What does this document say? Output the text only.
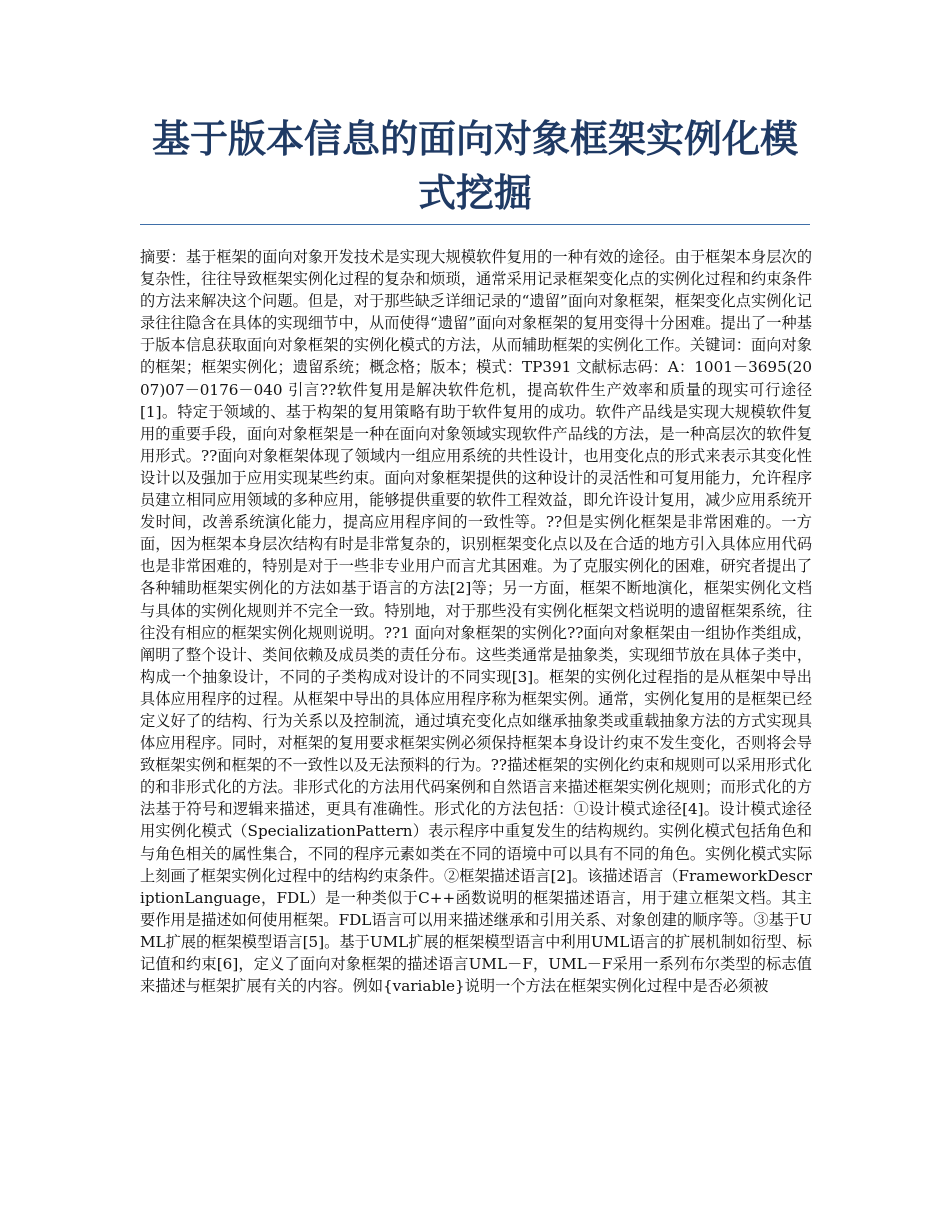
基于版本信息的面向对象框架实例化模式挖掘

摘要：基于框架的面向对象开发技术是实现大规模软件复用的一种有效的途径。由于框架本身层次的复杂性，往往导致框架实例化过程的复杂和烦琐，通常采用记录框架变化点的实例化过程和约束条件的方法来解决这个问题。但是，对于那些缺乏详细记录的“遗留”面向对象框架，框架变化点实例化记录往往隐含在具体的实现细节中，从而使得“遗留”面向对象框架的复用变得十分困难。提出了一种基于版本信息获取面向对象框架的实例化模式的方法，从而辅助框架的实例化工作。关键词：面向对象的框架；框架实例化；遗留系统；概念格；版本；模式：TP391 文献标志码：A：1001－3695(2007)07－0176－040 引言??软件复用是解决软件危机，提高软件生产效率和质量的现实可行途径[1]。特定于领域的、基于构架的复用策略有助于软件复用的成功。软件产品线是实现大规模软件复用的重要手段，面向对象框架是一种在面向对象领域实现软件产品线的方法，是一种高层次的软件复用形式。??面向对象框架体现了领域内一组应用系统的共性设计，也用变化点的形式来表示其变化性设计以及强加于应用实现某些约束。面向对象框架提供的这种设计的灵活性和可复用能力，允许程序员建立相同应用领域的多种应用，能够提供重要的软件工程效益，即允许设计复用，减少应用系统开发时间，改善系统演化能力，提高应用程序间的一致性等。??但是实例化框架是非常困难的。一方面，因为框架本身层次结构有时是非常复杂的，识别框架变化点以及在合适的地方引入具体应用代码也是非常困难的，特别是对于一些非专业用户而言尤其困难。为了克服实例化的困难，研究者提出了各种辅助框架实例化的方法如基于语言的方法[2]等；另一方面，框架不断地演化，框架实例化文档与具体的实例化规则并不完全一致。特别地，对于那些没有实例化框架文档说明的遗留框架系统，往往没有相应的框架实例化规则说明。??1 面向对象框架的实例化??面向对象框架由一组协作类组成，阐明了整个设计、类间依赖及成员类的责任分布。这些类通常是抽象类，实现细节放在具体子类中，构成一个抽象设计，不同的子类构成对设计的不同实现[3]。框架的实例化过程指的是从框架中导出具体应用程序的过程。从框架中导出的具体应用程序称为框架实例。通常，实例化复用的是框架已经定义好了的结构、行为关系以及控制流，通过填充变化点如继承抽象类或重载抽象方法的方式实现具体应用程序。同时，对框架的复用要求框架实例必须保持框架本身设计约束不发生变化，否则将会导致框架实例和框架的不一致性以及无法预料的行为。??描述框架的实例化约束和规则可以采用形式化的和非形式化的方法。非形式化的方法用代码案例和自然语言来描述框架实例化规则；而形式化的方法基于符号和逻辑来描述，更具有准确性。形式化的方法包括：①设计模式途径[4]。设计模式途径用实例化模式（SpecializationPattern）表示程序中重复发生的结构规约。实例化模式包括角色和与角色相关的属性集合，不同的程序元素如类在不同的语境中可以具有不同的角色。实例化模式实际上刻画了框架实例化过程中的结构约束条件。②框架描述语言[2]。该描述语言（FrameworkDescriptionLanguage，FDL）是一种类似于C++函数说明的框架描述语言，用于建立框架文档。其主要作用是描述如何使用框架。FDL语言可以用来描述继承和引用关系、对象创建的顺序等。③基于UML扩展的框架模型语言[5]。基于UML扩展的框架模型语言中利用UML语言的扩展机制如衍型、标记值和约束[6]，定义了面向对象框架的描述语言UML－F，UML－F采用一系列布尔类型的标志值来描述与框架扩展有关的内容。例如{variable}说明一个方法在框架实例化过程中是否必须被
